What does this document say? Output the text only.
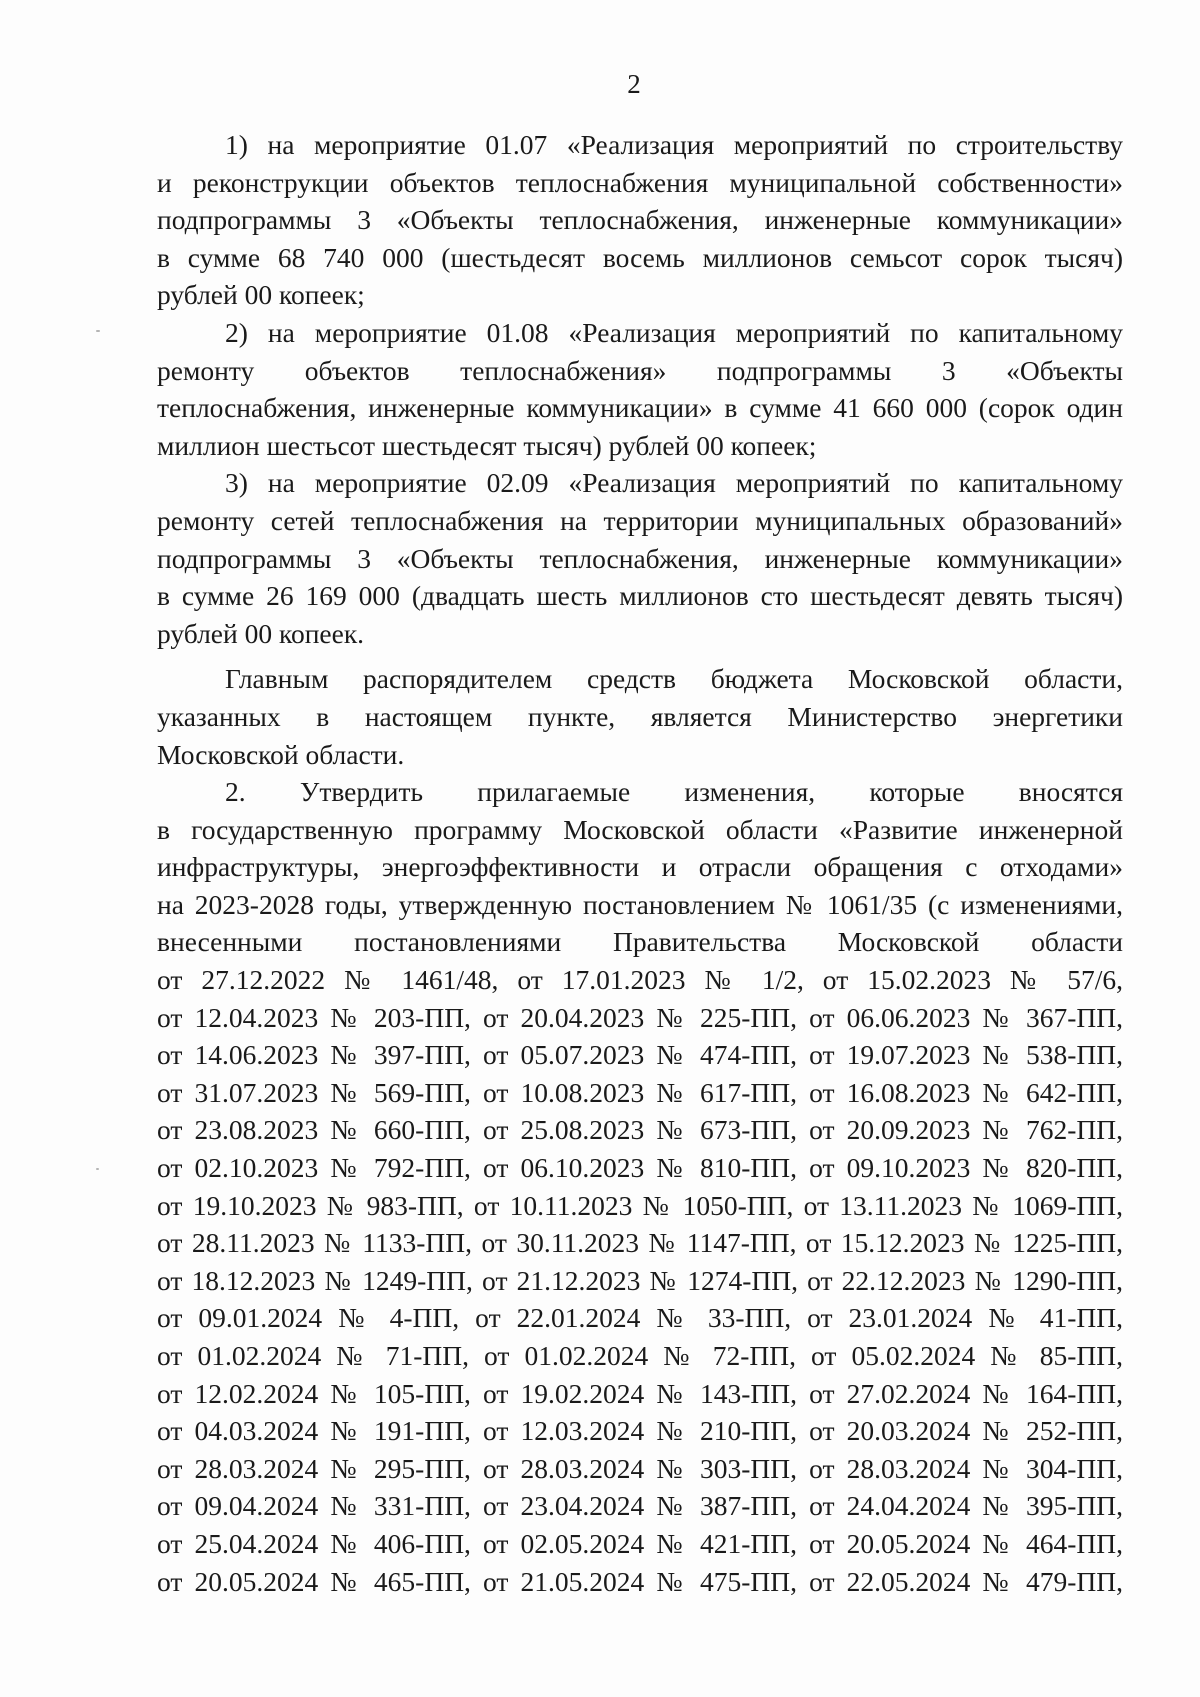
2
1) на мероприятие 01.07 «Реализация мероприятий по строительству
и реконструкции объектов теплоснабжения муниципальной собственности»
подпрограммы 3 «Объекты теплоснабжения, инженерные коммуникации»
в сумме 68 740 000 (шестьдесят восемь миллионов семьсот сорок тысяч)
рублей 00 копеек;
2) на мероприятие 01.08 «Реализация мероприятий по капитальному
ремонту объектов теплоснабжения» подпрограммы 3 «Объекты
теплоснабжения, инженерные коммуникации» в сумме 41 660 000 (сорок один
миллион шестьсот шестьдесят тысяч) рублей 00 копеек;
3) на мероприятие 02.09 «Реализация мероприятий по капитальному
ремонту сетей теплоснабжения на территории муниципальных образований»
подпрограммы 3 «Объекты теплоснабжения, инженерные коммуникации»
в сумме 26 169 000 (двадцать шесть миллионов сто шестьдесят девять тысяч)
рублей 00 копеек.
Главным распорядителем средств бюджета Московской области,
указанных в настоящем пункте, является Министерство энергетики
Московской области.
2. Утвердить прилагаемые изменения, которые вносятся
в государственную программу Московской области «Развитие инженерной
инфраструктуры, энергоэффективности и отрасли обращения с отходами»
на 2023-2028 годы, утвержденную постановлением № 1061/35 (с изменениями,
внесенными постановлениями Правительства Московской области
от 27.12.2022 № 1461/48, от 17.01.2023 № 1/2, от 15.02.2023 № 57/6,
от 12.04.2023 № 203-ПП, от 20.04.2023 № 225-ПП, от 06.06.2023 № 367-ПП,
от 14.06.2023 № 397-ПП, от 05.07.2023 № 474-ПП, от 19.07.2023 № 538-ПП,
от 31.07.2023 № 569-ПП, от 10.08.2023 № 617-ПП, от 16.08.2023 № 642-ПП,
от 23.08.2023 № 660-ПП, от 25.08.2023 № 673-ПП, от 20.09.2023 № 762-ПП,
от 02.10.2023 № 792-ПП, от 06.10.2023 № 810-ПП, от 09.10.2023 № 820-ПП,
от 19.10.2023 № 983-ПП, от 10.11.2023 № 1050-ПП, от 13.11.2023 № 1069-ПП,
от 28.11.2023 № 1133-ПП, от 30.11.2023 № 1147-ПП, от 15.12.2023 № 1225-ПП,
от 18.12.2023 № 1249-ПП, от 21.12.2023 № 1274-ПП, от 22.12.2023 № 1290-ПП,
от 09.01.2024 № 4-ПП, от 22.01.2024 № 33-ПП, от 23.01.2024 № 41-ПП,
от 01.02.2024 № 71-ПП, от 01.02.2024 № 72-ПП, от 05.02.2024 № 85-ПП,
от 12.02.2024 № 105-ПП, от 19.02.2024 № 143-ПП, от 27.02.2024 № 164-ПП,
от 04.03.2024 № 191-ПП, от 12.03.2024 № 210-ПП, от 20.03.2024 № 252-ПП,
от 28.03.2024 № 295-ПП, от 28.03.2024 № 303-ПП, от 28.03.2024 № 304-ПП,
от 09.04.2024 № 331-ПП, от 23.04.2024 № 387-ПП, от 24.04.2024 № 395-ПП,
от 25.04.2024 № 406-ПП, от 02.05.2024 № 421-ПП, от 20.05.2024 № 464-ПП,
от 20.05.2024 № 465-ПП, от 21.05.2024 № 475-ПП, от 22.05.2024 № 479-ПП,
